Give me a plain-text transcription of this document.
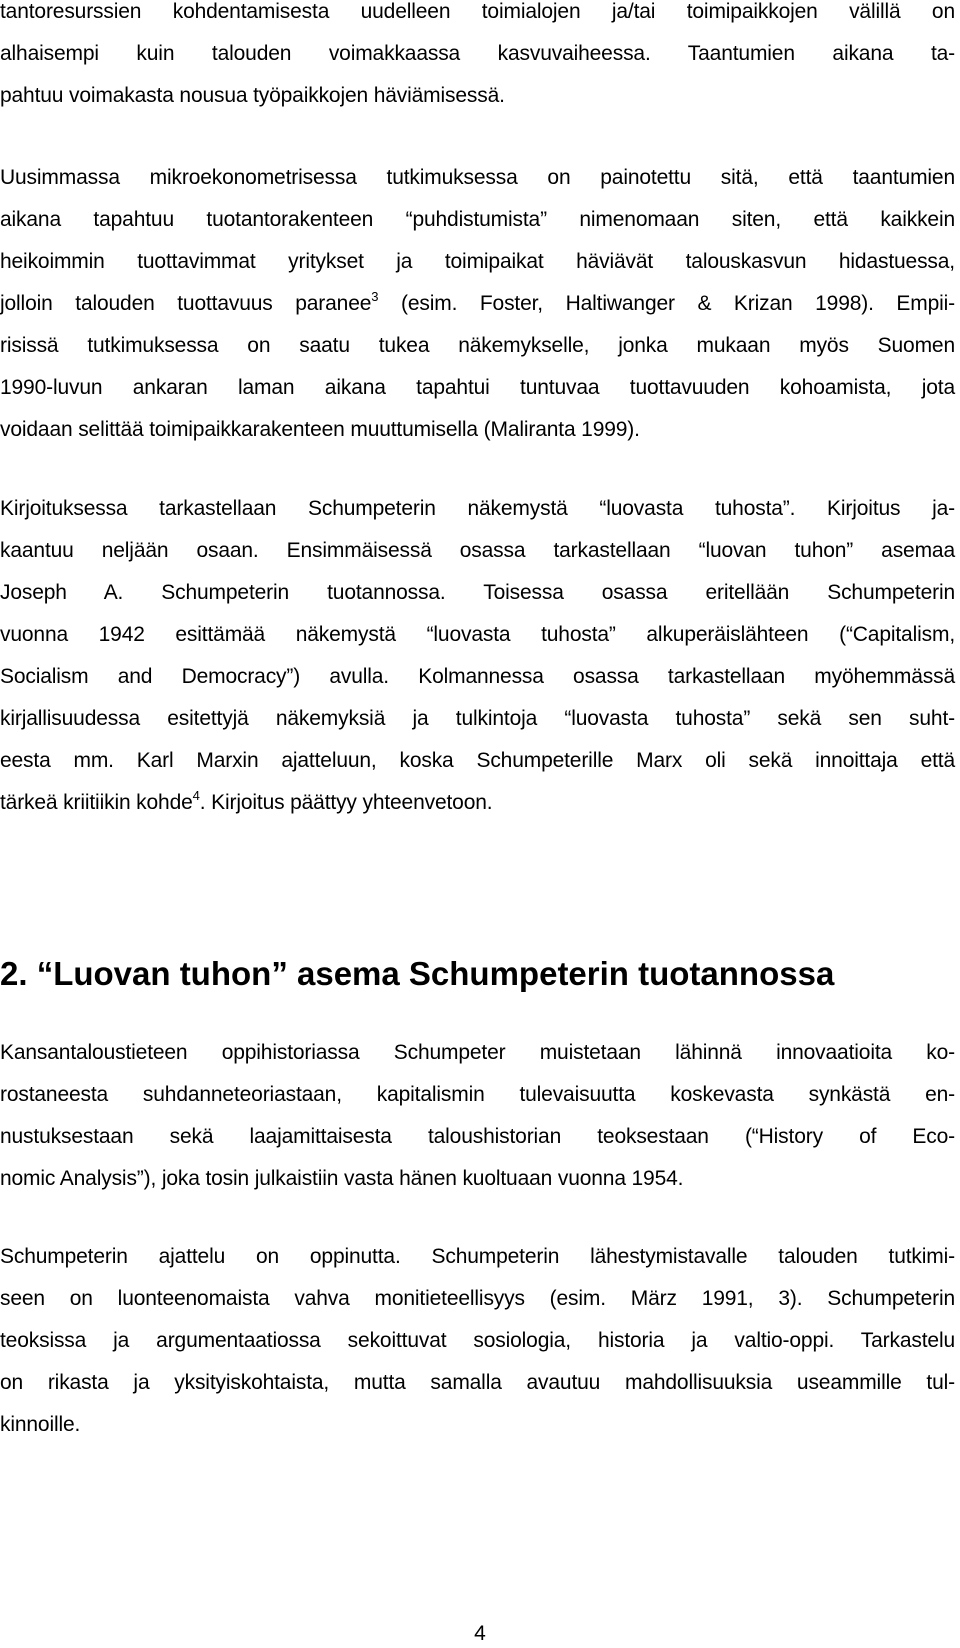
tantoresurssien kohdentamisesta uudelleen toimialojen ja/tai toimipaikkojen välillä on
alhaisempi kuin talouden voimakkaassa kasvuvaiheessa. Taantumien aikana ta-
pahtuu voimakasta nousua työpaikkojen häviämisessä.
Uusimmassa mikroekonometrisessa tutkimuksessa on painotettu sitä, että taantumien
aikana tapahtuu tuotantorakenteen “puhdistumista” nimenomaan siten, että kaikkein
heikoimmin tuottavimmat yritykset ja toimipaikat häviävät talouskasvun hidastuessa,
jolloin talouden tuottavuus paranee$^3$ (esim. Foster, Haltiwanger & Krizan 1998). Empii-
risissä tutkimuksessa on saatu tukea näkemykselle, jonka mukaan myös Suomen
1990-luvun ankaran laman aikana tapahtui tuntuvaa tuottavuuden kohoamista, jota
voidaan selittää toimipaikkarakenteen muuttumisella (Maliranta 1999).
Kirjoituksessa tarkastellaan Schumpeterin näkemystä “luovasta tuhosta”. Kirjoitus ja-
kaantuu neljään osaan. Ensimmäisessä osassa tarkastellaan “luovan tuhon” asemaa
Joseph A. Schumpeterin tuotannossa. Toisessa osassa eritellään Schumpeterin
vuonna 1942 esittämää näkemystä “luovasta tuhosta” alkuperäislähteen (“Capitalism,
Socialism and Democracy”) avulla. Kolmannessa osassa tarkastellaan myöhemmässä
kirjallisuudessa esitettyjä näkemyksiä ja tulkintoja “luovasta tuhosta” sekä sen suht-
eesta mm. Karl Marxin ajatteluun, koska Schumpeterille Marx oli sekä innoittaja että
tärkeä kriitiikin kohde$^4$. Kirjoitus päättyy yhteenvetoon.
2. “Luovan tuhon” asema Schumpeterin tuotannossa
Kansantaloustieteen oppihistoriassa Schumpeter muistetaan lähinnä innovaatioita ko-
rostaneesta suhdanneteoriastaan, kapitalismin tulevaisuutta koskevasta synkästä en-
nustuksestaan sekä laajamittaisesta taloushistorian teoksestaan (“History of Eco-
nomic Analysis”), joka tosin julkaistiin vasta hänen kuoltuaan vuonna 1954.
Schumpeterin ajattelu on oppinutta. Schumpeterin lähestymistavalle talouden tutkimi-
seen on luonteenomaista vahva monitieteellisyys (esim. März 1991, 3). Schumpeterin
teoksissa ja argumentaatiossa sekoittuvat sosiologia, historia ja valtio-oppi. Tarkastelu
on rikasta ja yksityiskohtaista, mutta samalla avautuu mahdollisuuksia useammille tul-
kinnoille.
4
